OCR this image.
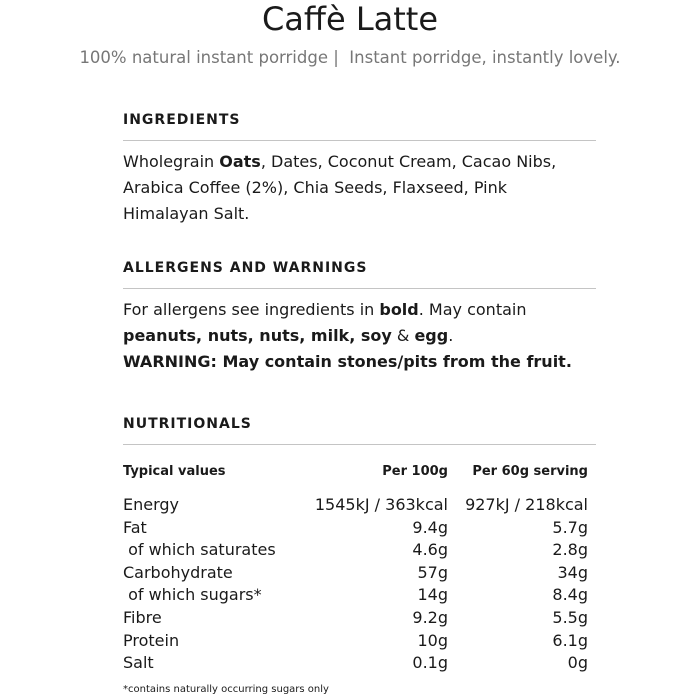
Caffè Latte
100% natural instant porridge |  Instant porridge, instantly lovely.
INGREDIENTS
Wholegrain Oats, Dates, Coconut Cream, Cacao Nibs, Arabica Coffee (2%), Chia Seeds, Flaxseed, Pink Himalayan Salt.
ALLERGENS AND WARNINGS
For allergens see ingredients in bold. May contain peanuts, nuts, nuts, milk, soy & egg.
WARNING: May contain stones/pits from the fruit.
NUTRITIONALS
Typical values	Per 100g	Per 60g serving
Energy	1545kJ / 363kcal	927kJ / 218kcal
Fat	9.4g	5.7g
of which saturates	4.6g	2.8g
Carbohydrate	57g	34g
of which sugars*	14g	8.4g
Fibre	9.2g	5.5g
Protein	10g	6.1g
Salt	0.1g	0g
*contains naturally occurring sugars only
